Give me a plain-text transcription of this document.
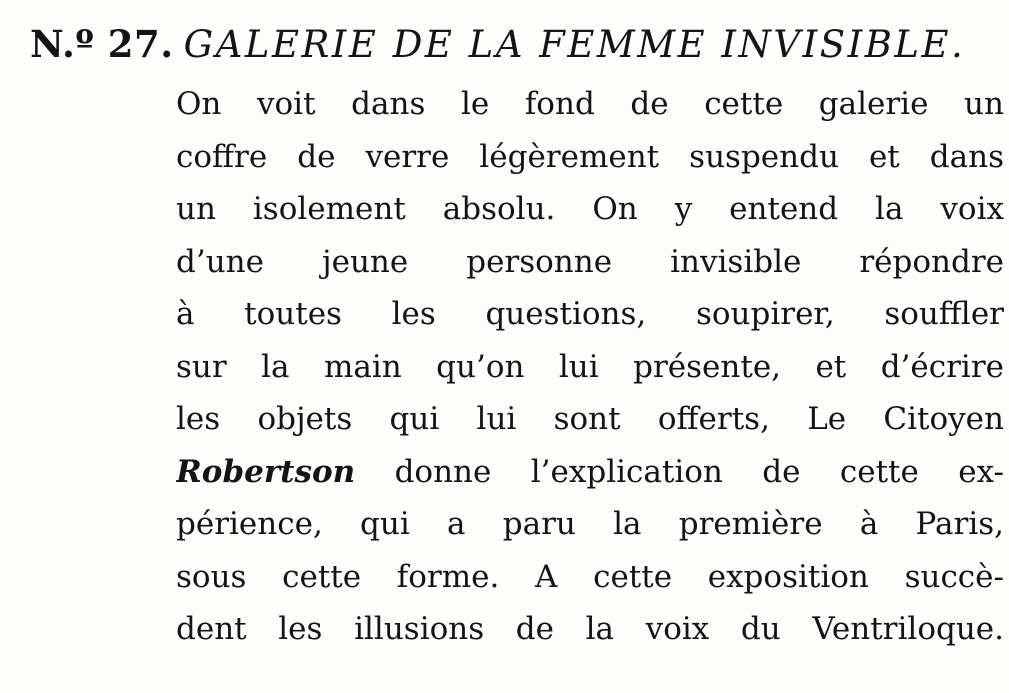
N.º 27. GALERIE DE LA FEMME INVISIBLE.
On voit dans le fond de cette galerie un
coffre de verre légèrement suspendu et dans
un isolement absolu. On y entend la voix
d’une jeune personne invisible répondre
à toutes les questions, soupirer, souffler
sur la main qu’on lui présente, et d’écrire
les objets qui lui sont offerts, Le Citoyen
Robertson donne l’explication de cette ex-
périence, qui a paru la première à Paris,
sous cette forme. A cette exposition succè-
dent les illusions de la voix du Ventriloque.
